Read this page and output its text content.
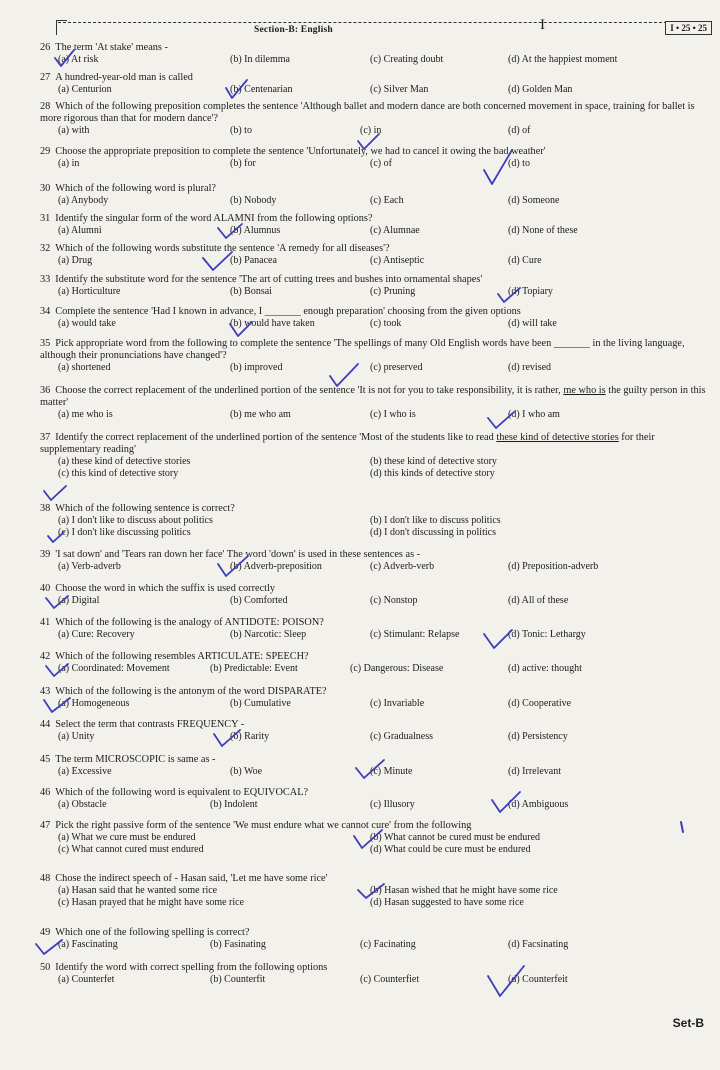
Section-B: English	I	I • 25 • 25
26 The term 'At stake' means -
(a) At risk	(b) In dilemma	(c) Creating doubt	(d) At the happiest moment
27 A hundred-year-old man is called
(a) Centurion	(b) Centenarian	(c) Silver Man	(d) Golden Man
28 Which of the following preposition completes the sentence 'Although ballet and modern dance are both concerned movement in space, training for ballet is more rigorous than that for modern dance'?
(a) with	(b) to	(c) in	(d) of
29 Choose the appropriate preposition to complete the sentence 'Unfortunately, we had to cancel it owing the bad weather'
(a) in	(b) for	(c) of	(d) to
30 Which of the following word is plural?
(a) Anybody	(b) Nobody	(c) Each	(d) Someone
31 Identify the singular form of the word ALAMNI from the following options?
(a) Alumni	(b) Alumnus	(c) Alumnae	(d) None of these
32 Which of the following words substitute the sentence 'A remedy for all diseases'?
(a) Drug	(b) Panacea	(c) Antiseptic	(d) Cure
33 Identify the substitute word for the sentence 'The art of cutting trees and bushes into ornamental shapes'
(a) Horticulture	(b) Bonsai	(c) Pruning	(d) Topiary
34 Complete the sentence 'Had I known in advance, I _______ enough preparation' choosing from the given options
(a) would take	(b) would have taken	(c) took	(d) will take
35 Pick appropriate word from the following to complete the sentence 'The spellings of many Old English words have been _______ in the living language, although their pronunciations have changed'?
(a) shortened	(b) improved	(c) preserved	(d) revised
36 Choose the correct replacement of the underlined portion of the sentence 'It is not for you to take responsibility, it is rather, me who is the guilty person in this matter'
(a) me who is	(b) me who am	(c) I who is	(d) I who am
37 Identify the correct replacement of the underlined portion of the sentence 'Most of the students like to read these kind of detective stories for their supplementary reading'
(a) these kind of detective stories	(b) these kind of detective story
(c) this kind of detective story	(d) this kinds of detective story
38 Which of the following sentence is correct?
(a) I don't like to discuss about politics	(b) I don't like to discuss politics
(c) I don't like discussing politics	(d) I don't discussing in politics
39 'I sat down' and 'Tears ran down her face' The word 'down' is used in these sentences as -
(a) Verb-adverb	(b) Adverb-preposition	(c) Adverb-verb	(d) Preposition-adverb
40 Choose the word in which the suffix is used correctly
(a) Digital	(b) Comforted	(c) Nonstop	(d) All of these
41 Which of the following is the analogy of ANTIDOTE: POISON?
(a) Cure: Recovery	(b) Narcotic: Sleep	(c) Stimulant: Relapse	(d) Tonic: Lethargy
42 Which of the following resembles ARTICULATE: SPEECH?
(a) Coordinated: Movement	(b) Predictable: Event	(c) Dangerous: Disease	(d) active: thought
43 Which of the following is the antonym of the word DISPARATE?
(a) Homogeneous	(b) Cumulative	(c) Invariable	(d) Cooperative
44 Select the term that contrasts FREQUENCY -
(a) Unity	(b) Rarity	(c) Gradualness	(d) Persistency
45 The term MICROSCOPIC is same as -
(a) Excessive	(b) Woe	(c) Minute	(d) Irrelevant
46 Which of the following word is equivalent to EQUIVOCAL?
(a) Obstacle	(b) Indolent	(c) Illusory	(d) Ambiguous
47 Pick the right passive form of the sentence 'We must endure what we cannot cure' from the following
(a) What we cure must be endured	(b) What cannot be cured must be endured
(c) What cannot cured must endured	(d) What could be cure must be endured
48 Chose the indirect speech of - Hasan said, 'Let me have some rice'
(a) Hasan said that he wanted some rice	(b) Hasan wished that he might have some rice
(c) Hasan prayed that he might have some rice	(d) Hasan suggested to have some rice
49 Which one of the following spelling is correct?
(a) Fascinating	(b) Fasinating	(c) Facinating	(d) Facsinating
50 Identify the word with correct spelling from the following options
(a) Counterfet	(b) Counterfit	(c) Counterfiet	(d) Counterfeit
Set-B
